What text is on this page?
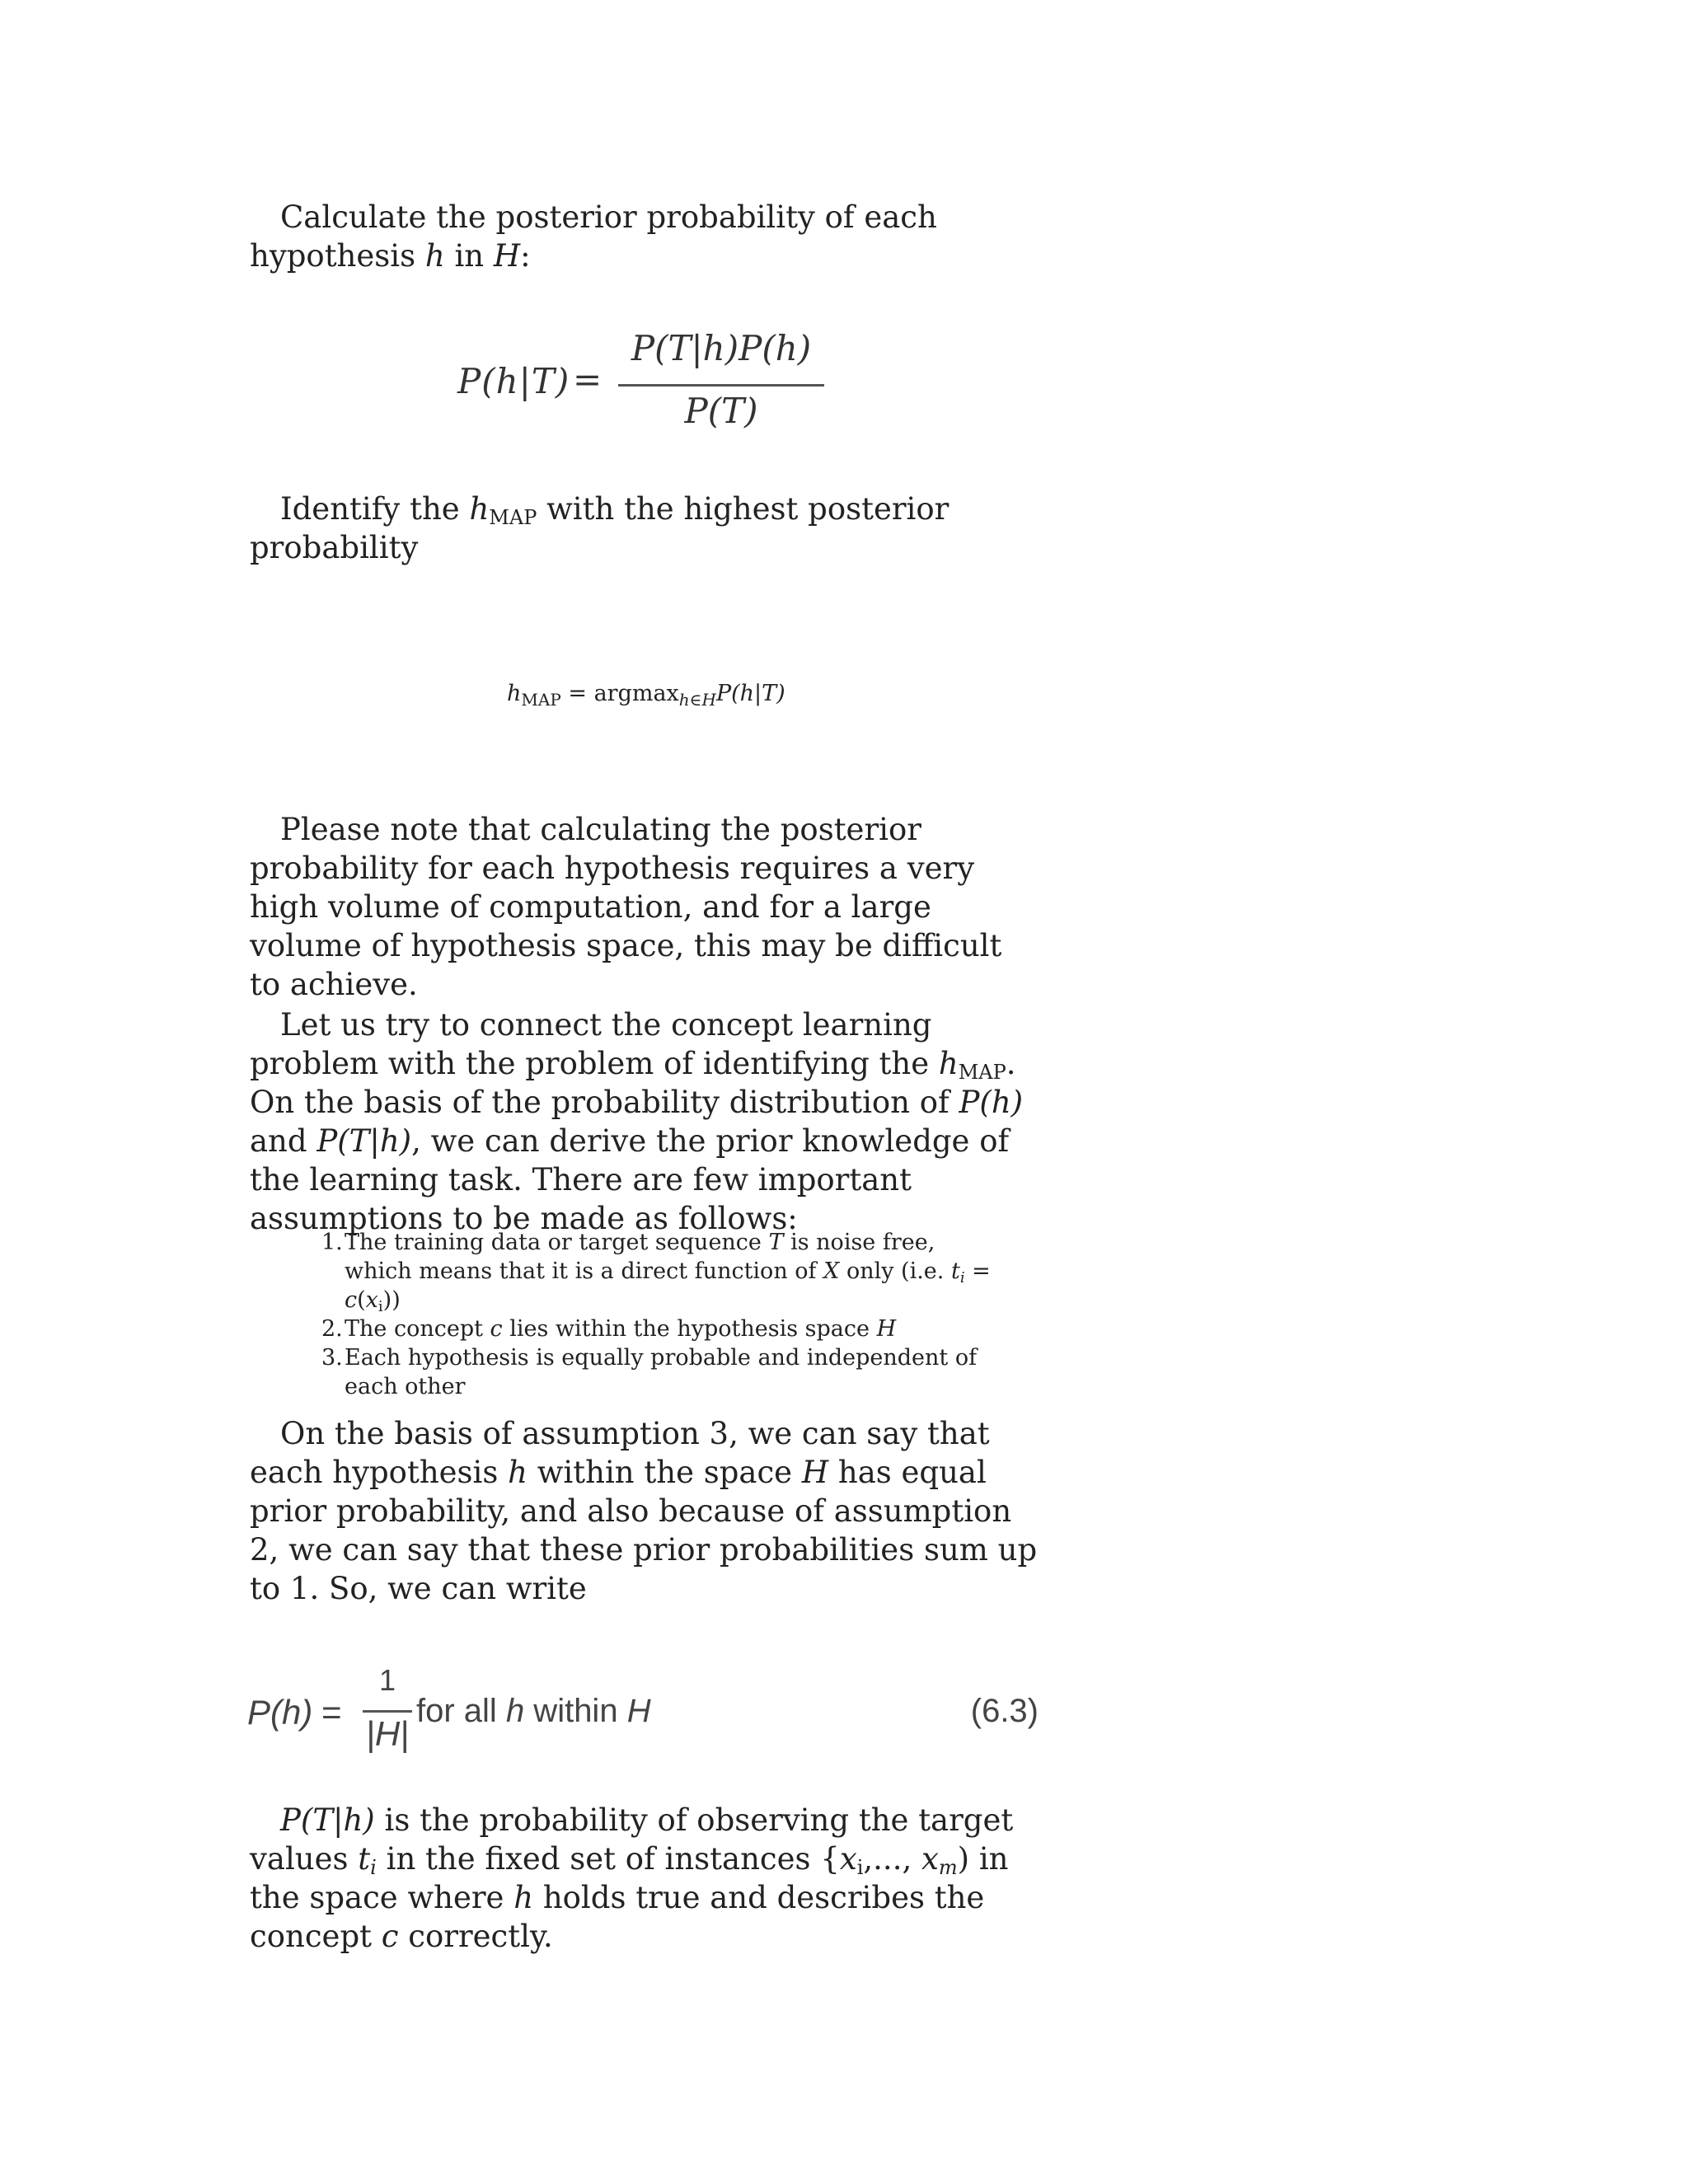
Calculate the posterior probability of each hypothesis h in H:

P(h|T) =
P(T|h)P(h)
P(T)

Identify the $h_{MAP}$ with the highest posterior probability

$h_{MAP} = argmax_{h\in H}P(h|T)$

Please note that calculating the posterior probability for each hypothesis requires a very high volume of computation, and for a large volume of hypothesis space, this may be difficult to achieve.

Let us try to connect the concept learning problem with the problem of identifying the $h_{MAP}$. On the basis of the probability distribution of P(h) and P(T|h), we can derive the prior knowledge of the learning task. There are few important assumptions to be made as follows:

1. The training data or target sequence T is noise free, which means that it is a direct function of X only (i.e. $t_i = c(x_i)$)
2. The concept c lies within the hypothesis space H
3. Each hypothesis is equally probable and independent of each other

On the basis of assumption 3, we can say that each hypothesis h within the space H has equal prior probability, and also because of assumption 2, we can say that these prior probabilities sum up to 1. So, we can write

P(h) =
1
|H|
for all h within H	(6.3)

P(T|h) is the probability of observing the target values $t_i$ in the fixed set of instances {$x_i$,..., $x_m$) in the space where h holds true and describes the concept c correctly.
